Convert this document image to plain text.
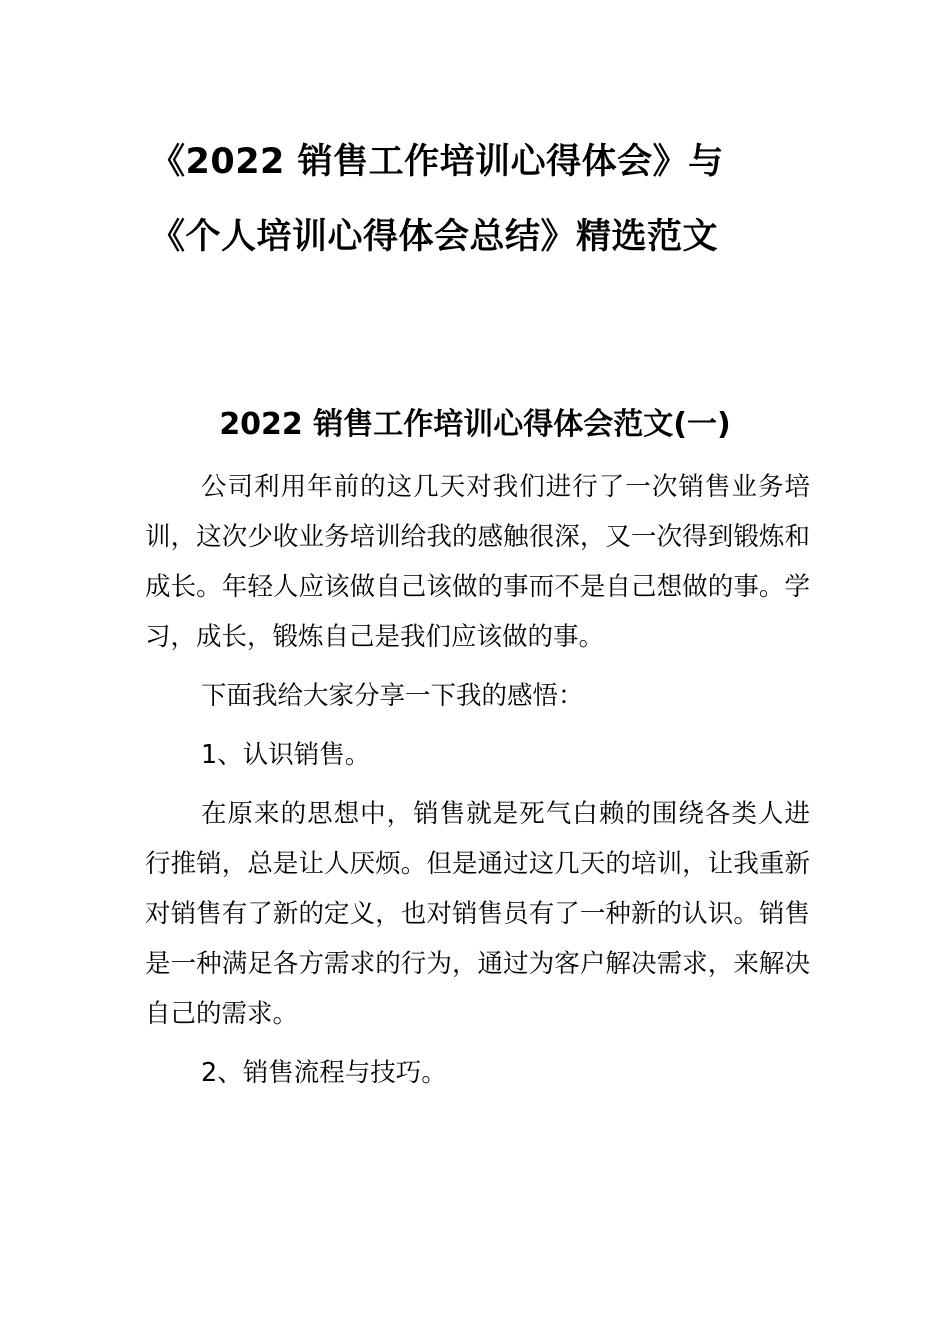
《2022 销售工作培训心得体会》与
《个人培训心得体会总结》精选范文
2022 销售工作培训心得体会范文(一)

公司利用年前的这几天对我们进行了一次销售业务培训，这次少收业务培训给我的感触很深，又一次得到锻炼和成长。年轻人应该做自己该做的事而不是自己想做的事。学习，成长，锻炼自己是我们应该做的事。

下面我给大家分享一下我的感悟：

1、认识销售。

在原来的思想中，销售就是死气白赖的围绕各类人进行推销，总是让人厌烦。但是通过这几天的培训，让我重新对销售有了新的定义，也对销售员有了一种新的认识。销售是一种满足各方需求的行为，通过为客户解决需求，来解决自己的需求。

2、销售流程与技巧。
